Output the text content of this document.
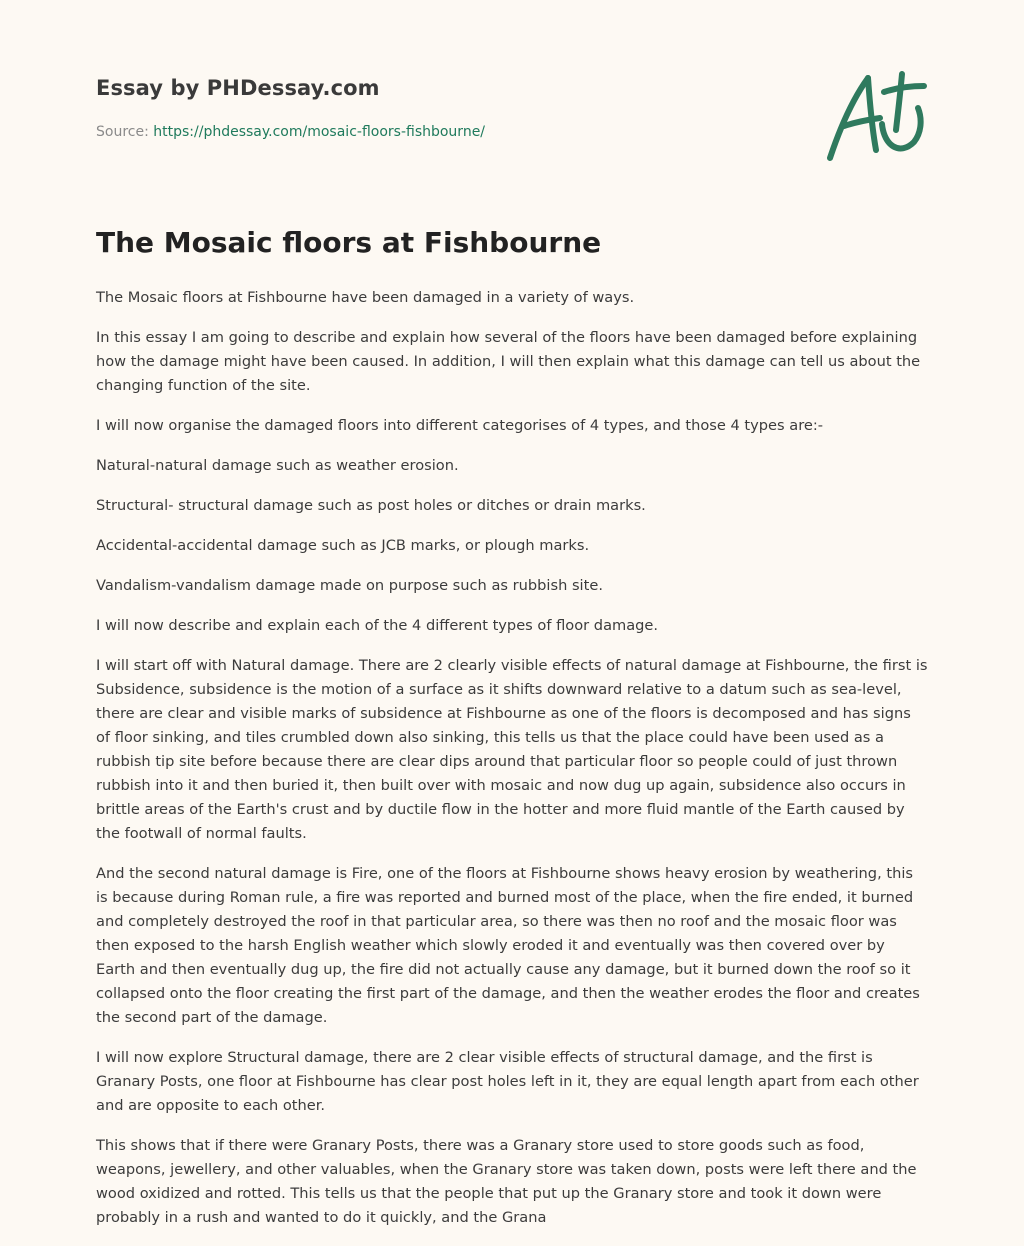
Essay by PHDessay.com
Source: https://phdessay.com/mosaic-floors-fishbourne/
The Mosaic floors at Fishbourne

The Mosaic floors at Fishbourne have been damaged in a variety of ways.

In this essay I am going to describe and explain how several of the floors have been damaged before explaining how the damage might have been caused. In addition, I will then explain what this damage can tell us about the changing function of the site.

I will now organise the damaged floors into different categorises of 4 types, and those 4 types are:-

Natural-natural damage such as weather erosion.

Structural- structural damage such as post holes or ditches or drain marks.

Accidental-accidental damage such as JCB marks, or plough marks.

Vandalism-vandalism damage made on purpose such as rubbish site.

I will now describe and explain each of the 4 different types of floor damage.

I will start off with Natural damage. There are 2 clearly visible effects of natural damage at Fishbourne, the first is Subsidence, subsidence is the motion of a surface as it shifts downward relative to a datum such as sea-level, there are clear and visible marks of subsidence at Fishbourne as one of the floors is decomposed and has signs of floor sinking, and tiles crumbled down also sinking, this tells us that the place could have been used as a rubbish tip site before because there are clear dips around that particular floor so people could of just thrown rubbish into it and then buried it, then built over with mosaic and now dug up again, subsidence also occurs in brittle areas of the Earth's crust and by ductile flow in the hotter and more fluid mantle of the Earth caused by the footwall of normal faults.

And the second natural damage is Fire, one of the floors at Fishbourne shows heavy erosion by weathering, this is because during Roman rule, a fire was reported and burned most of the place, when the fire ended, it burned and completely destroyed the roof in that particular area, so there was then no roof and the mosaic floor was then exposed to the harsh English weather which slowly eroded it and eventually was then covered over by Earth and then eventually dug up, the fire did not actually cause any damage, but it burned down the roof so it collapsed onto the floor creating the first part of the damage, and then the weather erodes the floor and creates the second part of the damage.

I will now explore Structural damage, there are 2 clear visible effects of structural damage, and the first is Granary Posts, one floor at Fishbourne has clear post holes left in it, they are equal length apart from each other and are opposite to each other.

This shows that if there were Granary Posts, there was a Granary store used to store goods such as food, weapons, jewellery, and other valuables, when the Granary store was taken down, posts were left there and the wood oxidized and rotted. This tells us that the people that put up the Granary store and took it down were probably in a rush and wanted to do it quickly, and the Grana
